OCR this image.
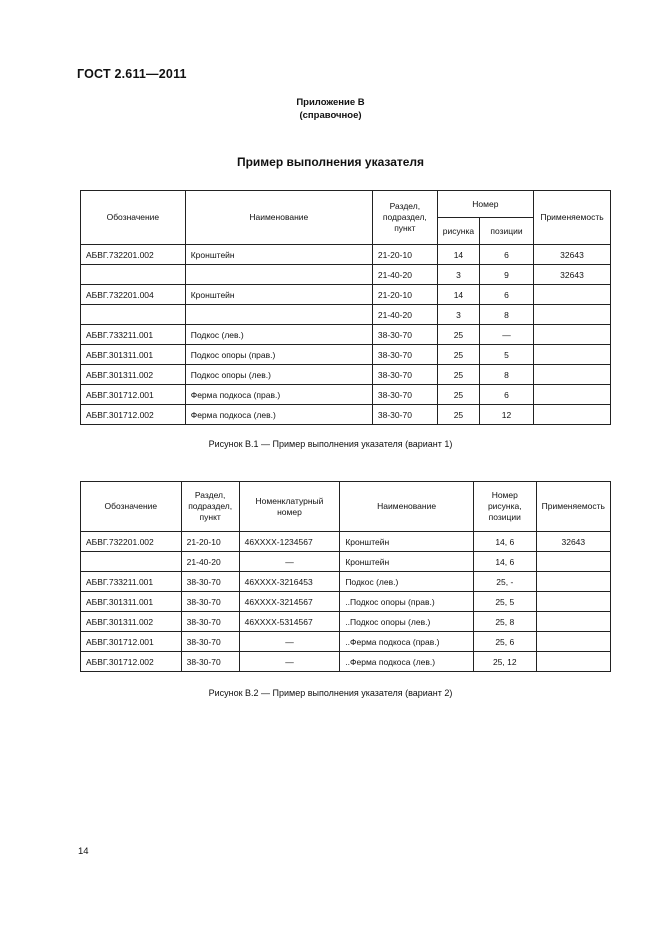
ГОСТ 2.611—2011
Приложение В
(справочное)
Пример выполнения указателя
Обозначение	Наименование	Раздел,
подраздел,
пункт	Номер		Применяемость
			рисунка	позиции	
АБВГ.732201.002	Кронштейн	21-20-10	14	6	32643
		21-40-20	3	9	32643
АБВГ.732201.004	Кронштейн	21-20-10	14	6	
		21-40-20	3	8	
АБВГ.733211.001	Подкос (лев.)	38-30-70	25	—	
АБВГ.301311.001	Подкос опоры (прав.)	38-30-70	25	5	
АБВГ.301311.002	Подкос опоры (лев.)	38-30-70	25	8	
АБВГ.301712.001	Ферма подкоса (прав.)	38-30-70	25	6	
АБВГ.301712.002	Ферма подкоса (лев.)	38-30-70	25	12	
Рисунок В.1 — Пример выполнения указателя (вариант 1)
Обозначение	Раздел,
подраздел,
пункт	Номенклатурный
номер	Наименование	Номер
рисунка,
позиции	Применяемость
АБВГ.732201.002	21-20-10	46XXXX-1234567	Кронштейн	14, 6	32643
	21-40-20	—	Кронштейн	14, 6	
АБВГ.733211.001	38-30-70	46XXXX-3216453	Подкос (лев.)	25, -	
АБВГ.301311.001	38-30-70	46XXXX-3214567	..Подкос опоры (прав.)	25, 5	
АБВГ.301311.002	38-30-70	46XXXX-5314567	..Подкос опоры (лев.)	25, 8	
АБВГ.301712.001	38-30-70	—	..Ферма подкоса (прав.)	25, 6	
АБВГ.301712.002	38-30-70	—	..Ферма подкоса (лев.)	25, 12	
Рисунок В.2 — Пример выполнения указателя (вариант 2)
14
